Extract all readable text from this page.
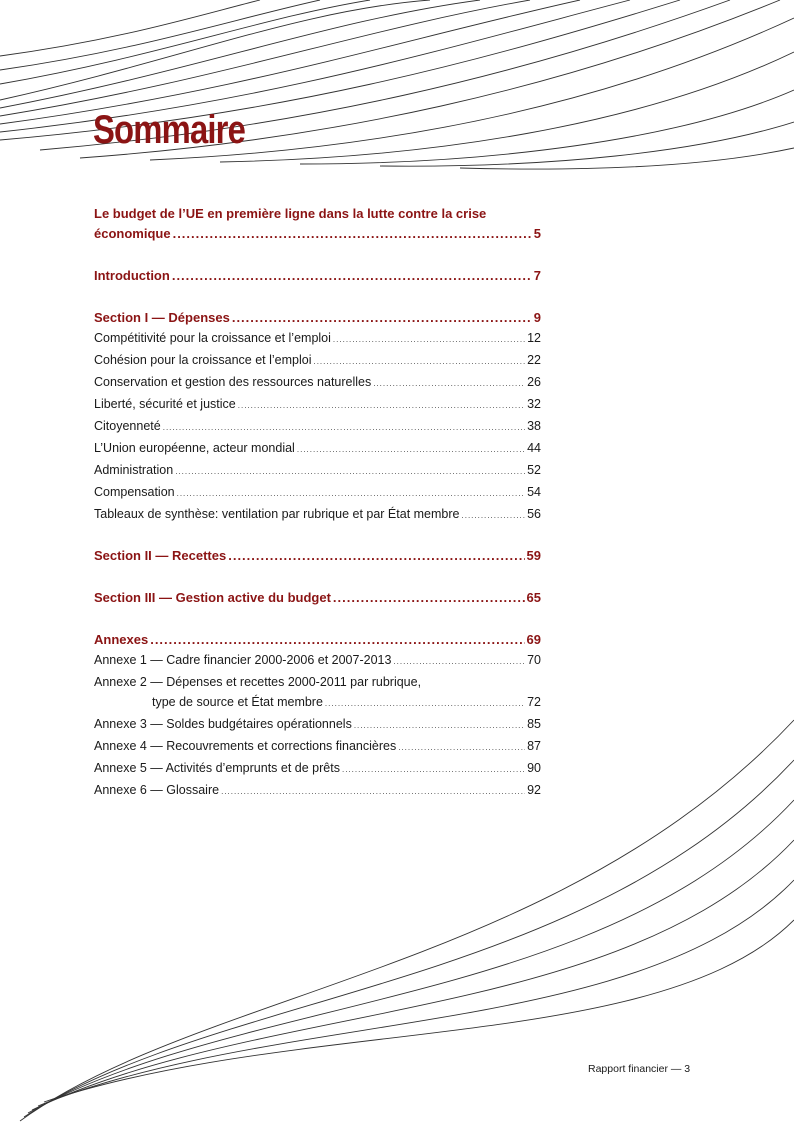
Sommaire
Le budget de l’UE en première ligne dans la lutte contre la crise
économique .....	5
Introduction .....	7
Section I — Dépenses .....	9
Compétitivité pour la croissance et l’emploi .....	12
Cohésion pour la croissance et l’emploi .....	22
Conservation et gestion des ressources naturelles .....	26
Liberté, sécurité et justice .....	32
Citoyenneté .....	38
L’Union européenne, acteur mondial .....	44
Administration .....	52
Compensation .....	54
Tableaux de synthèse: ventilation par rubrique et par État membre .....	56
Section II — Recettes .....	59
Section III — Gestion active du budget .....	65
Annexes .....	69
Annexe 1 — Cadre financier 2000-2006 et 2007-2013 .....	70
Annexe 2 — Dépenses et recettes 2000-2011 par rubrique,
type de source et État membre .....	72
Annexe 3 — Soldes budgétaires opérationnels .....	85
Annexe 4 — Recouvrements et corrections financières .....	87
Annexe 5 — Activités d’emprunts et de prêts .....	90
Annexe 6 — Glossaire .....	92
Rapport financier — 3
